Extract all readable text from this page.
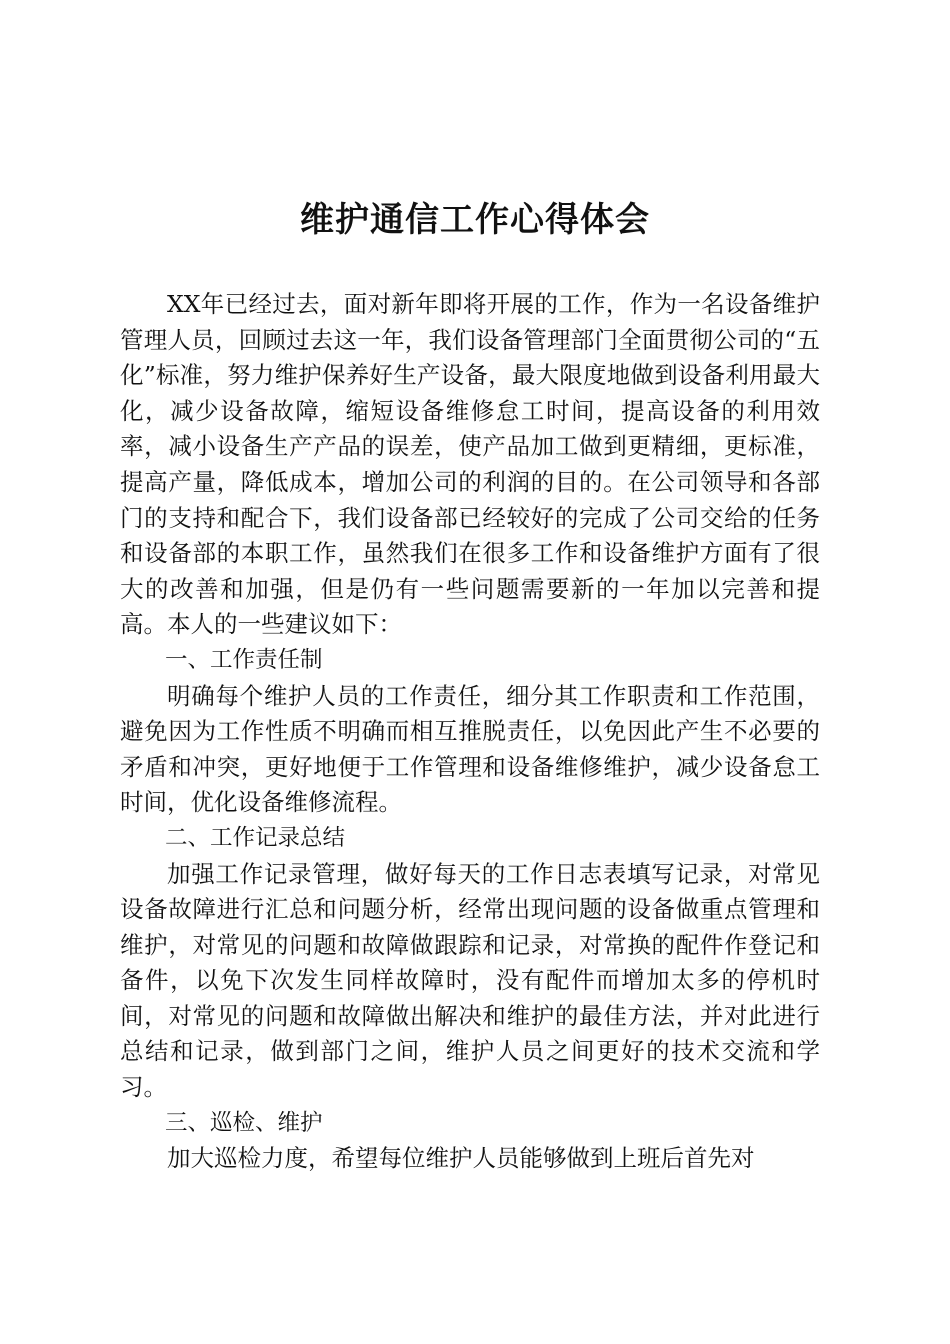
维护通信工作心得体会

XX年已经过去，面对新年即将开展的工作，作为一名设备维护管理人员，回顾过去这一年，我们设备管理部门全面贯彻公司的“五化”标准，努力维护保养好生产设备，最大限度地做到设备利用最大化，减少设备故障，缩短设备维修怠工时间，提高设备的利用效率，减小设备生产产品的误差，使产品加工做到更精细，更标准，提高产量，降低成本，增加公司的利润的目的。在公司领导和各部门的支持和配合下，我们设备部已经较好的完成了公司交给的任务和设备部的本职工作，虽然我们在很多工作和设备维护方面有了很大的改善和加强，但是仍有一些问题需要新的一年加以完善和提高。本人的一些建议如下：

一、工作责任制

明确每个维护人员的工作责任，细分其工作职责和工作范围，避免因为工作性质不明确而相互推脱责任，以免因此产生不必要的矛盾和冲突，更好地便于工作管理和设备维修维护，减少设备怠工时间，优化设备维修流程。

二、工作记录总结

加强工作记录管理，做好每天的工作日志表填写记录，对常见设备故障进行汇总和问题分析，经常出现问题的设备做重点管理和维护，对常见的问题和故障做跟踪和记录，对常换的配件作登记和备件，以免下次发生同样故障时，没有配件而增加太多的停机时间，对常见的问题和故障做出解决和维护的最佳方法，并对此进行总结和记录，做到部门之间，维护人员之间更好的技术交流和学习。

三、巡检、维护

加大巡检力度，希望每位维护人员能够做到上班后首先对
